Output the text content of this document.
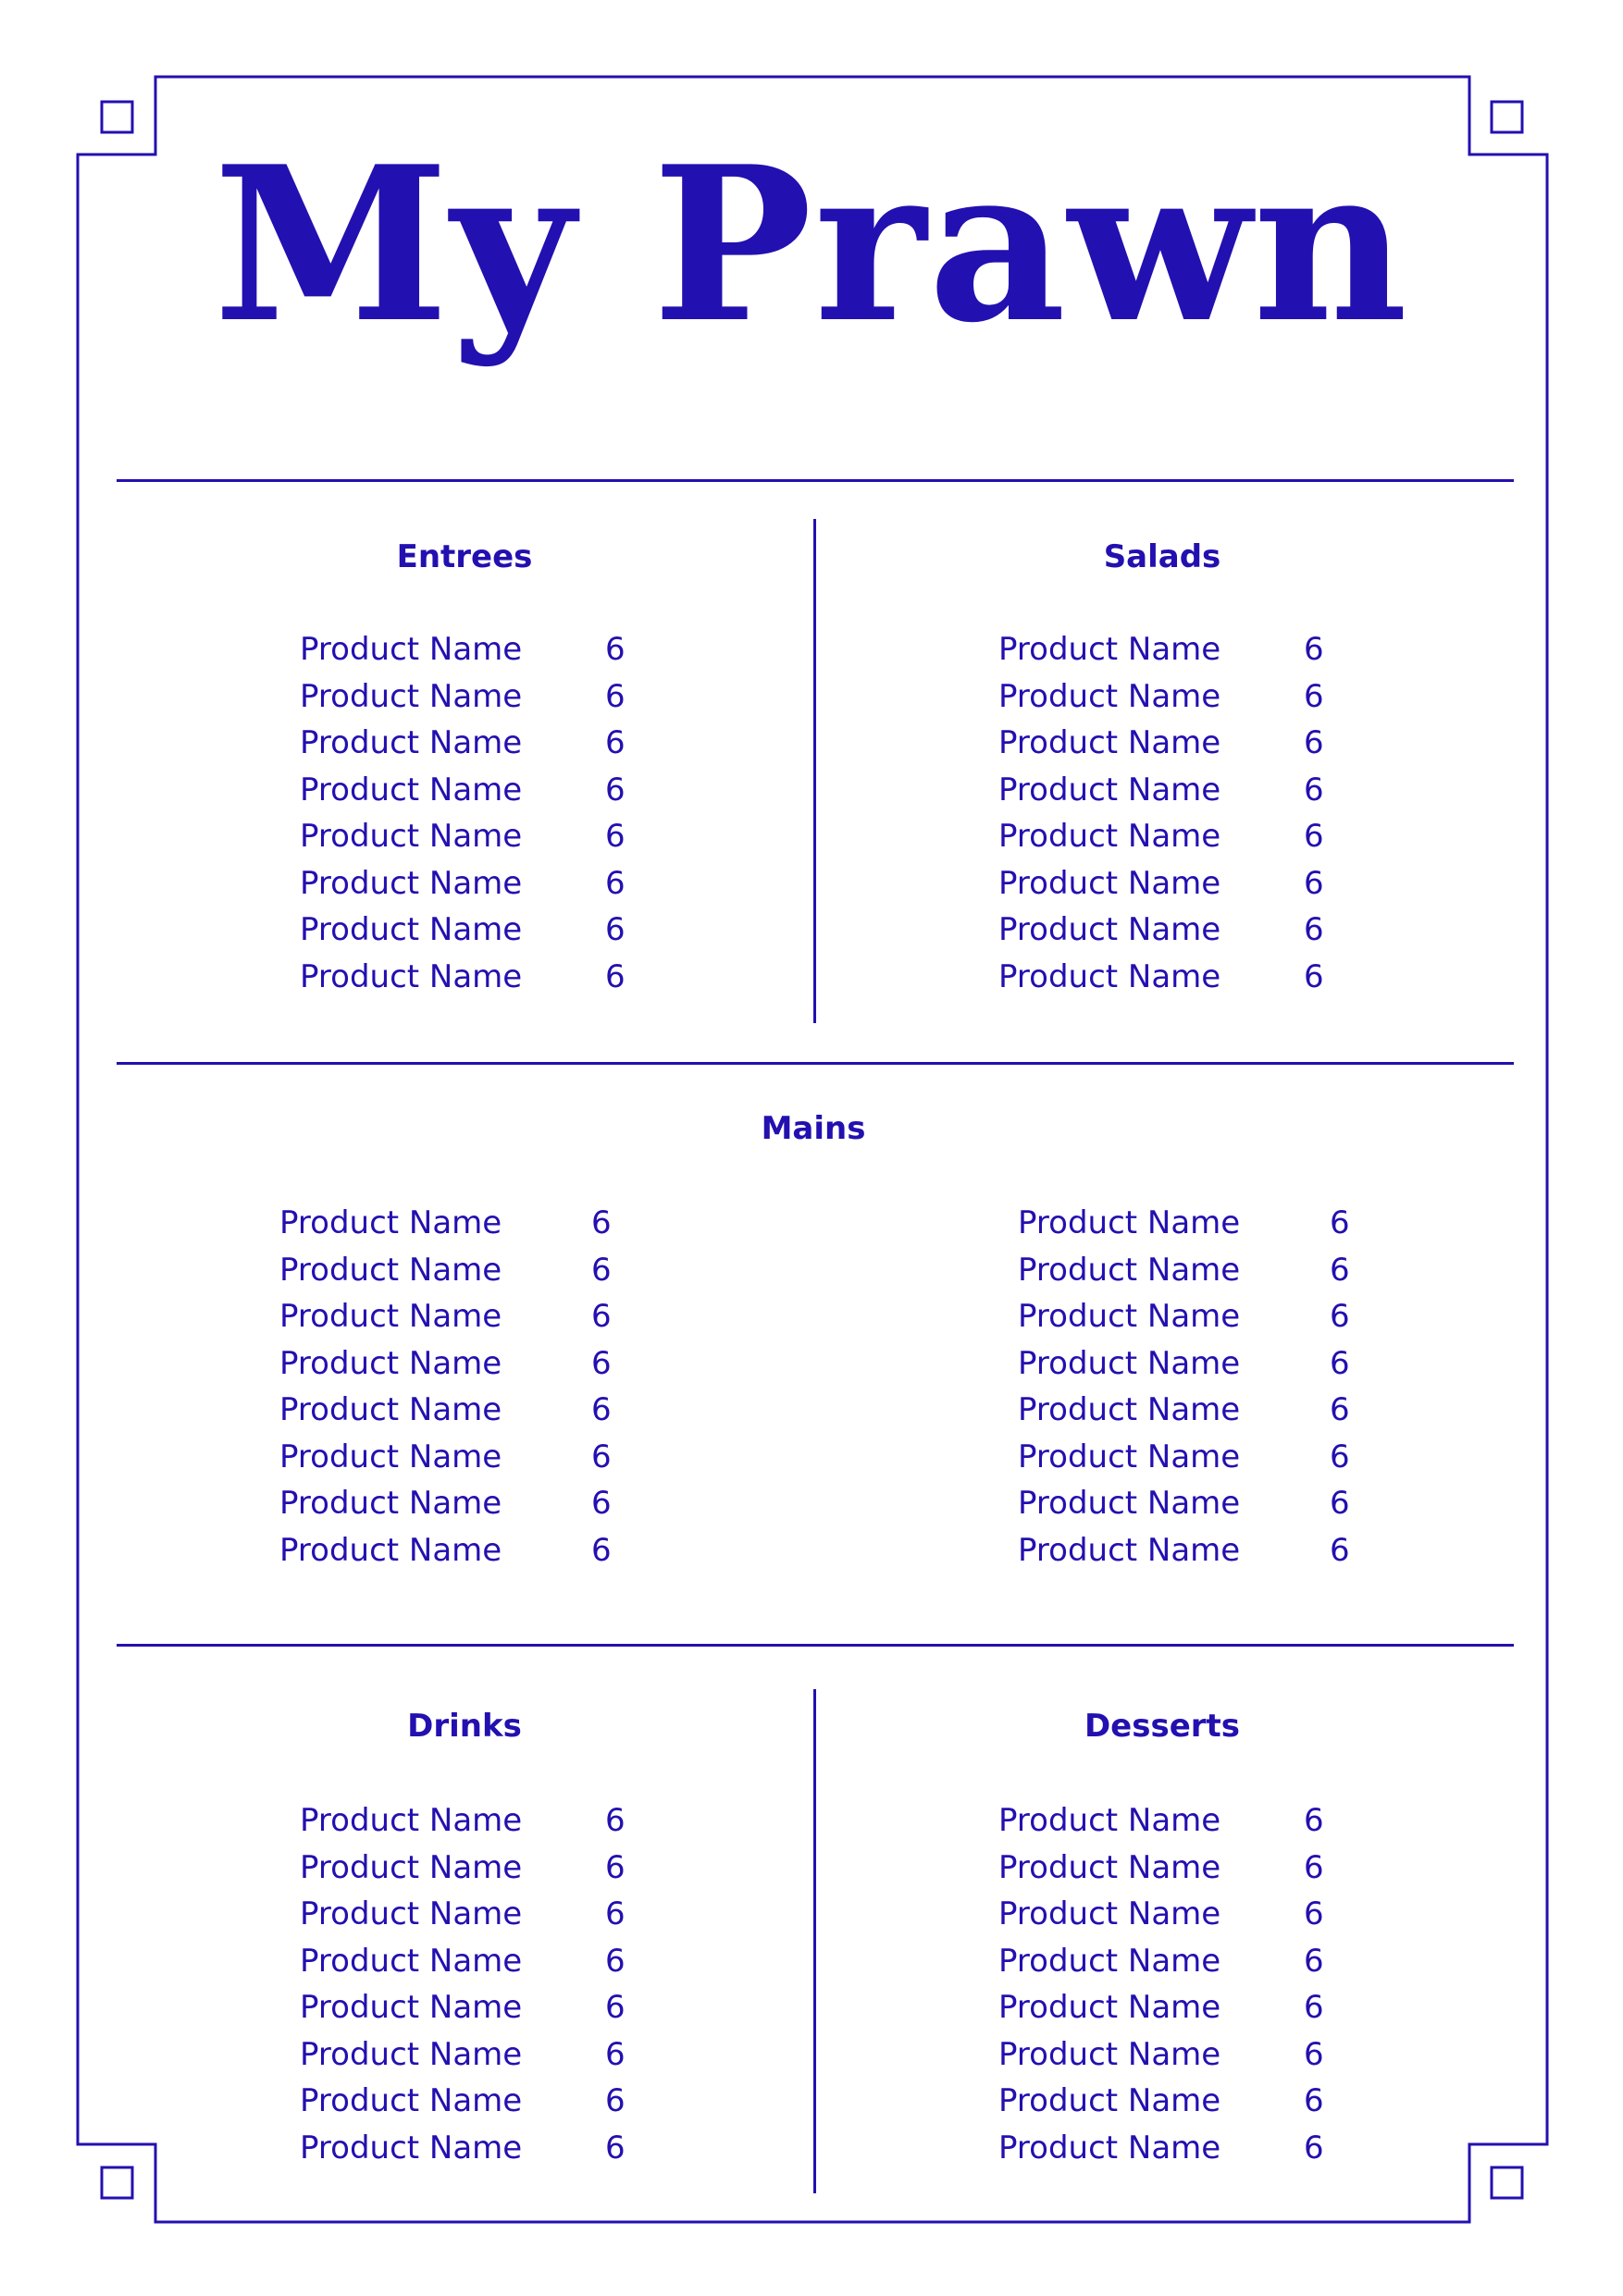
My Prawn
Entrees
Product Name	6
Product Name	6
Product Name	6
Product Name	6
Product Name	6
Product Name	6
Product Name	6
Product Name	6
Salads
Product Name	6
Product Name	6
Product Name	6
Product Name	6
Product Name	6
Product Name	6
Product Name	6
Product Name	6
Mains
Product Name	6
Product Name	6
Product Name	6
Product Name	6
Product Name	6
Product Name	6
Product Name	6
Product Name	6
Product Name	6
Product Name	6
Product Name	6
Product Name	6
Product Name	6
Product Name	6
Product Name	6
Product Name	6
Drinks
Product Name	6
Product Name	6
Product Name	6
Product Name	6
Product Name	6
Product Name	6
Product Name	6
Product Name	6
Desserts
Product Name	6
Product Name	6
Product Name	6
Product Name	6
Product Name	6
Product Name	6
Product Name	6
Product Name	6
